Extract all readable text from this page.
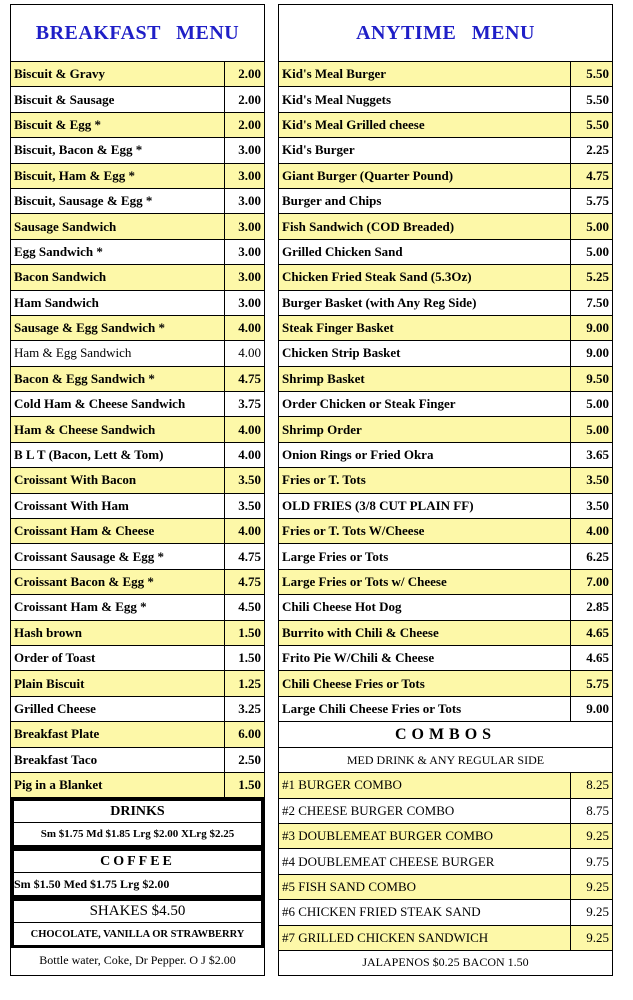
BREAKFAST MENU
Biscuit & Gravy	2.00
Biscuit & Sausage	2.00
Biscuit & Egg *	2.00
Biscuit, Bacon & Egg *	3.00
Biscuit, Ham & Egg *	3.00
Biscuit, Sausage & Egg *	3.00
Sausage Sandwich	3.00
Egg Sandwich *	3.00
Bacon Sandwich	3.00
Ham Sandwich	3.00
Sausage & Egg Sandwich *	4.00
Ham & Egg Sandwich	4.00
Bacon & Egg Sandwich *	4.75
Cold Ham & Cheese Sandwich	3.75
Ham & Cheese Sandwich	4.00
B L T (Bacon, Lett & Tom)	4.00
Croissant With Bacon	3.50
Croissant With Ham	3.50
Croissant Ham & Cheese	4.00
Croissant Sausage & Egg *	4.75
Croissant Bacon & Egg *	4.75
Croissant Ham & Egg *	4.50
Hash brown	1.50
Order of Toast	1.50
Plain Biscuit	1.25
Grilled Cheese	3.25
Breakfast Plate	6.00
Breakfast Taco	2.50
Pig in a Blanket	1.50
DRINKS
Sm $1.75 Md $1.85 Lrg $2.00 XLrg $2.25
COFFEE
Sm $1.50 Med $1.75 Lrg $2.00
SHAKES $4.50
CHOCOLATE, VANILLA OR STRAWBERRY
Bottle water, Coke, Dr Pepper. O J $2.00
ANYTIME MENU
Kid's Meal Burger	5.50
Kid's Meal Nuggets	5.50
Kid's Meal Grilled cheese	5.50
Kid's Burger	2.25
Giant Burger (Quarter Pound)	4.75
Burger and Chips	5.75
Fish Sandwich (COD Breaded)	5.00
Grilled Chicken Sand	5.00
Chicken Fried Steak Sand (5.3Oz)	5.25
Burger Basket (with Any Reg Side)	7.50
Steak Finger Basket	9.00
Chicken Strip Basket	9.00
Shrimp Basket	9.50
Order Chicken or Steak Finger	5.00
Shrimp Order	5.00
Onion Rings or Fried Okra	3.65
Fries or T. Tots	3.50
OLD FRIES (3/8 CUT PLAIN FF)	3.50
Fries or T. Tots W/Cheese	4.00
Large Fries or Tots	6.25
Large Fries or Tots w/ Cheese	7.00
Chili Cheese Hot Dog	2.85
Burrito with Chili & Cheese	4.65
Frito Pie W/Chili & Cheese	4.65
Chili Cheese Fries or Tots	5.75
Large Chili Cheese Fries or Tots	9.00
COMBOS
MED DRINK & ANY REGULAR SIDE
#1 BURGER COMBO	8.25
#2 CHEESE BURGER COMBO	8.75
#3 DOUBLEMEAT BURGER COMBO	9.25
#4 DOUBLEMEAT CHEESE BURGER	9.75
#5 FISH SAND COMBO	9.25
#6 CHICKEN FRIED STEAK SAND	9.25
#7 GRILLED CHICKEN SANDWICH	9.25
JALAPENOS $0.25 BACON 1.50
